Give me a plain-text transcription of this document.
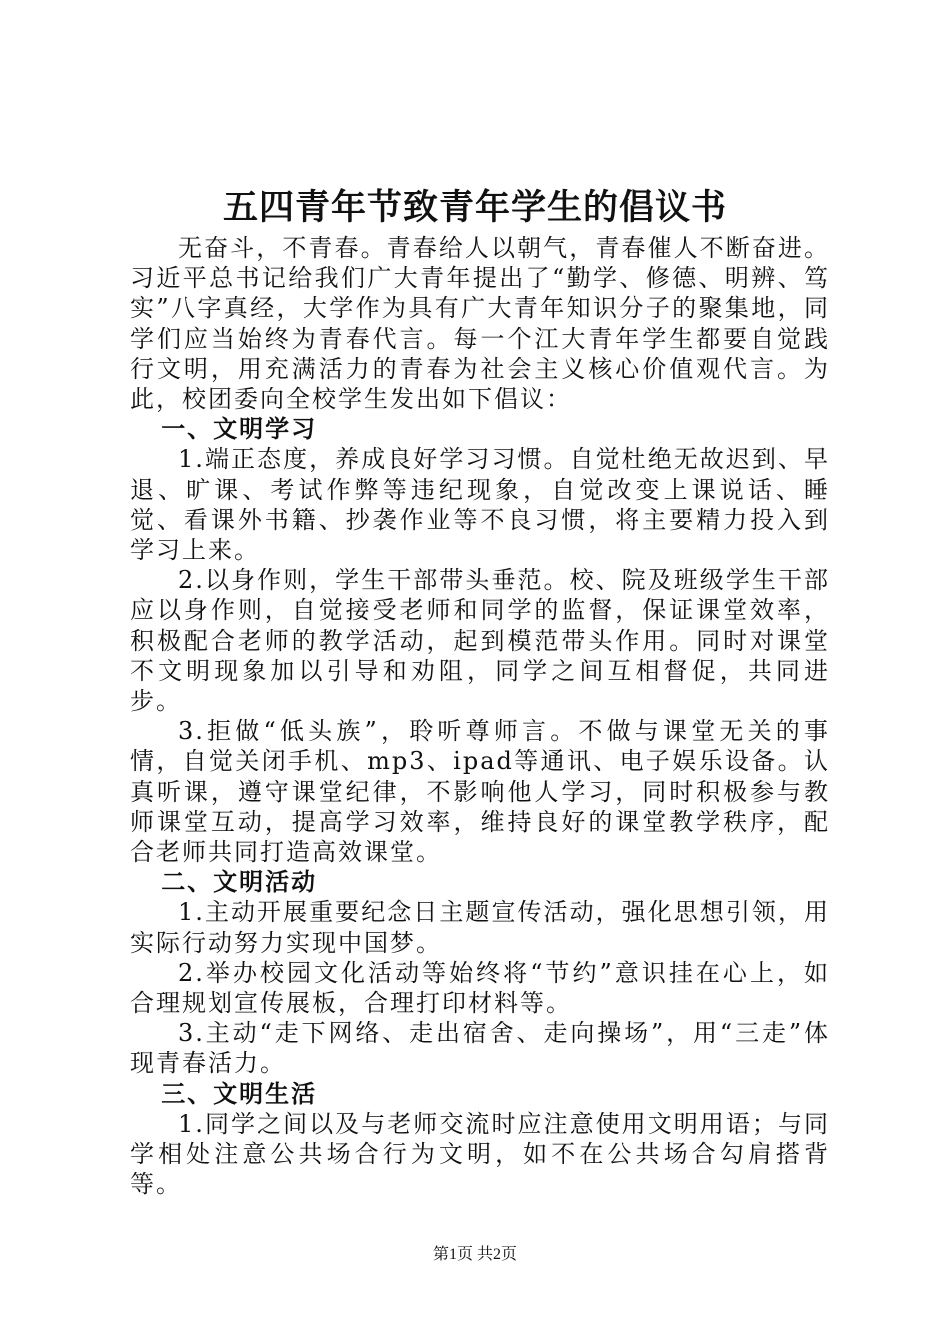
五四青年节致青年学生的倡议书

无奋斗，不青春。青春给人以朝气，青春催人不断奋进。习近平总书记给我们广大青年提出了“勤学、修德、明辨、笃实”八字真经，大学作为具有广大青年知识分子的聚集地，同学们应当始终为青春代言。每一个江大青年学生都要自觉践行文明，用充满活力的青春为社会主义核心价值观代言。为此，校团委向全校学生发出如下倡议：

一、文明学习

1.端正态度，养成良好学习习惯。自觉杜绝无故迟到、早退、旷课、考试作弊等违纪现象，自觉改变上课说话、睡觉、看课外书籍、抄袭作业等不良习惯，将主要精力投入到学习上来。

2.以身作则，学生干部带头垂范。校、院及班级学生干部应以身作则，自觉接受老师和同学的监督，保证课堂效率，积极配合老师的教学活动，起到模范带头作用。同时对课堂不文明现象加以引导和劝阻，同学之间互相督促，共同进步。

3.拒做“低头族”，聆听尊师言。不做与课堂无关的事情，自觉关闭手机、mp3、ipad等通讯、电子娱乐设备。认真听课，遵守课堂纪律，不影响他人学习，同时积极参与教师课堂互动，提高学习效率，维持良好的课堂教学秩序，配合老师共同打造高效课堂。

二、文明活动

1.主动开展重要纪念日主题宣传活动，强化思想引领，用实际行动努力实现中国梦。

2.举办校园文化活动等始终将“节约”意识挂在心上，如合理规划宣传展板，合理打印材料等。

3.主动“走下网络、走出宿舍、走向操场”，用“三走”体现青春活力。

三、文明生活

1.同学之间以及与老师交流时应注意使用文明用语；与同学相处注意公共场合行为文明，如不在公共场合勾肩搭背等。

第1页 共2页
